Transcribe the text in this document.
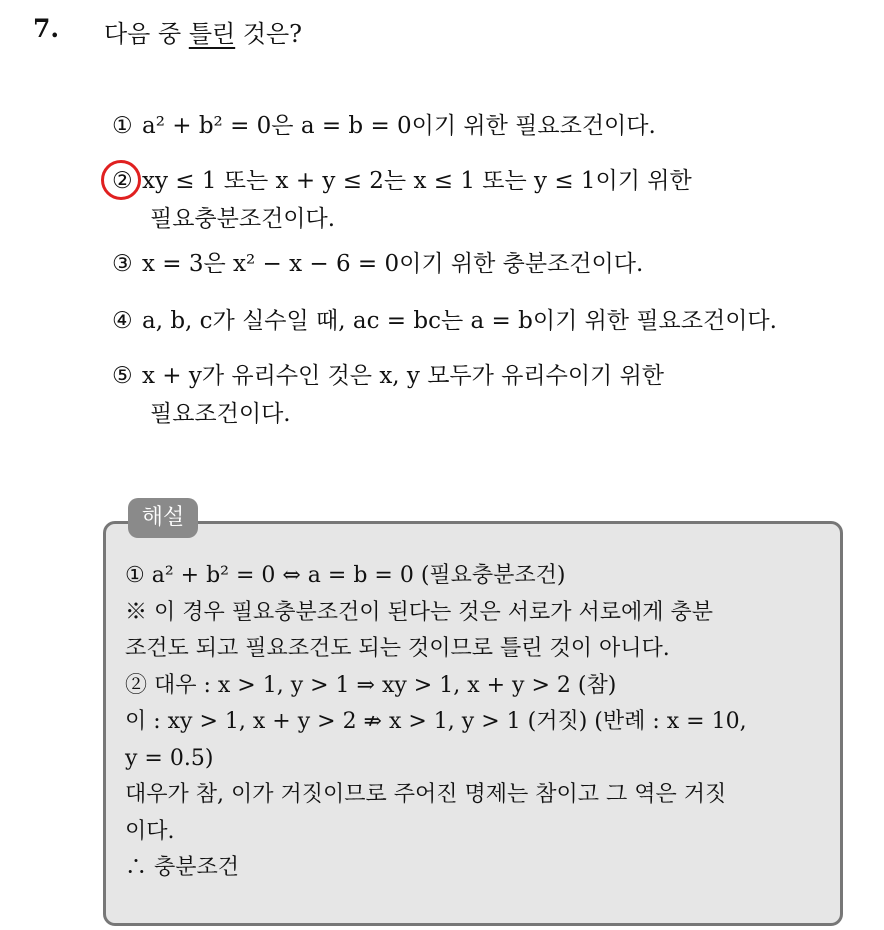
7. 다음 중 틀린 것은?
① a² + b² = 0은 a = b = 0이기 위한 필요조건이다.
② xy ≤ 1 또는 x + y ≤ 2는 x ≤ 1 또는 y ≤ 1이기 위한
필요충분조건이다.
③ x = 3은 x² − x − 6 = 0이기 위한 충분조건이다.
④ a, b, c가 실수일 때, ac = bc는 a = b이기 위한 필요조건이다.
⑤ x + y가 유리수인 것은 x, y 모두가 유리수이기 위한
필요조건이다.
해설
① a² + b² = 0 ⇔ a = b = 0 (필요충분조건)
※ 이 경우 필요충분조건이 된다는 것은 서로가 서로에게 충분
조건도 되고 필요조건도 되는 것이므로 틀린 것이 아니다.
② 대우 : x > 1, y > 1 ⇒ xy > 1, x + y > 2 (참)
이 : xy > 1, x + y > 2 ⇏ x > 1, y > 1 (거짓) (반례 : x = 10,
y = 0.5)
대우가 참, 이가 거짓이므로 주어진 명제는 참이고 그 역은 거짓
이다.
∴ 충분조건
